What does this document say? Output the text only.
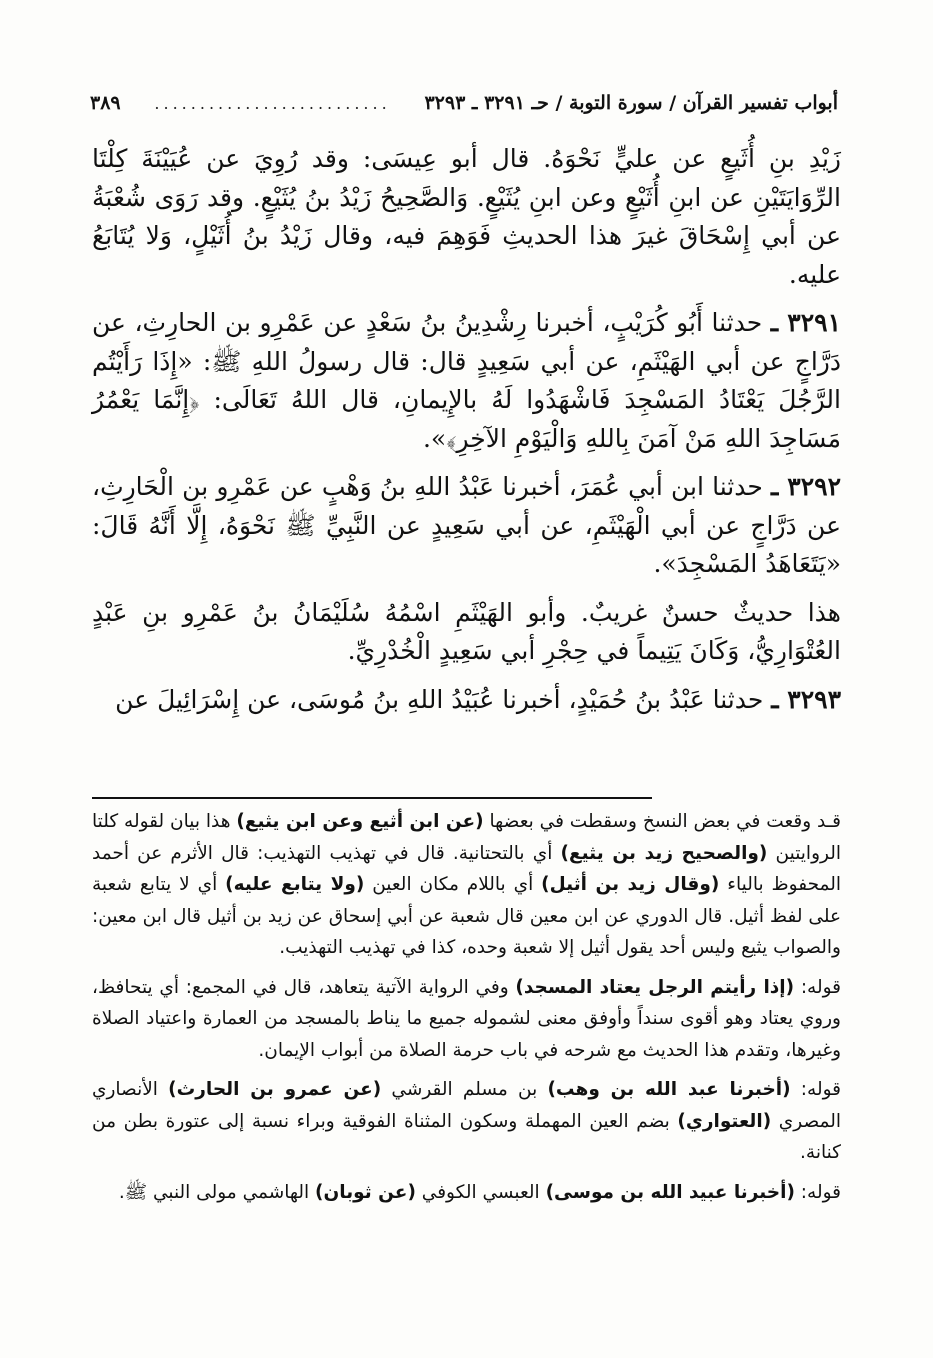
أبواب تفسير القرآن / سورة التوبة / حـ ٣٢٩١ ـ ٣٢٩٣
..........................
٣٨٩

زَيْدِ بنِ أُثَيعٍ عن عليٍّ نَحْوَهُ. قال أبو عِيسَى: وقد رُوِيَ عن عُيَيْنَةَ كِلْتَا الرِّوَايَتَيْنِ عن ابنِ أُثَيْعٍ وعن ابنِ يُثَيْعٍ. وَالصَّحِيحُ زَيْدُ بنُ يُثَيْعٍ. وقد رَوَى شُعْبَةُ عن أبي إِسْحَاقَ غيرَ هذا الحديثِ فَوَهِمَ فيه، وقال زَيْدُ بنُ أُثَيْلٍ، وَلا يُتَابَعُ عليه.

٣٢٩١ ـ حدثنا أَبُو كُرَيْبٍ، أخبرنا رِشْدِينُ بنُ سَعْدٍ عن عَمْرِو بن الحارِثِ، عن دَرَّاجٍ عن أبي الهَيْثَمِ، عن أبي سَعِيدٍ قال: قال رسولُ اللهِ ﷺ: «إِذَا رَأَيْتُم الرَّجُلَ يَعْتَادُ المَسْجِدَ فَاشْهَدُوا لَهُ بالإِيمانِ، قال اللهُ تَعَالَى: ﴿إِنَّمَا يَعْمُرُ مَسَاجِدَ اللهِ مَنْ آمَنَ بِاللهِ وَالْيَوْمِ الآخِرِ﴾».

٣٢٩٢ ـ حدثنا ابن أبي عُمَرَ، أخبرنا عَبْدُ اللهِ بنُ وَهْبٍ عن عَمْرِو بن الْحَارِثِ، عن دَرَّاجٍ عن أبي الْهَيْثَمِ، عن أبي سَعِيدٍ عن النَّبِيِّ ﷺ نَحْوَهُ، إِلَّا أَنَّهُ قَالَ: «يَتَعَاهَدُ المَسْجِدَ».

هذا حديثٌ حسنٌ غريبٌ. وأبو الهَيْثَمِ اسْمُهُ سُلَيْمَانُ بنُ عَمْرِو بنِ عَبْدٍ العُتْوَارِيُّ، وَكَانَ يَتِيماً في حِجْرِ أبي سَعِيدٍ الْخُدْرِيِّ.

٣٢٩٣ ـ حدثنا عَبْدُ بنُ حُمَيْدٍ، أخبرنا عُبَيْدُ اللهِ بنُ مُوسَى، عن إِسْرَائِيلَ عن

قـد وقعت في بعض النسخ وسقطت في بعضها (عن ابن أثيع وعن ابن يثيع) هذا بيان لقوله كلتا الروايتين (والصحيح زيد بن يثيع) أي بالتحتانية. قال في تهذيب التهذيب: قال الأثرم عن أحمد المحفوظ بالياء (وقال زيد بن أثيل) أي باللام مكان العين (ولا يتابع عليه) أي لا يتابع شعبة على لفظ أثيل. قال الدوري عن ابن معين قال شعبة عن أبي إسحاق عن زيد بن أثيل قال ابن معين: والصواب يثيع وليس أحد يقول أثيل إلا شعبة وحده، كذا في تهذيب التهذيب.

قوله: (إذا رأيتم الرجل يعتاد المسجد) وفي الرواية الآتية يتعاهد، قال في المجمع: أي يتحافظ، وروي يعتاد وهو أقوى سنداً وأوفق معنى لشموله جميع ما يناط بالمسجد من العمارة واعتياد الصلاة وغيرها، وتقدم هذا الحديث مع شرحه في باب حرمة الصلاة من أبواب الإيمان.

قوله: (أخبرنا عبد الله بن وهب) بن مسلم القرشي (عن عمرو بن الحارث) الأنصاري المصري (العتواري) بضم العين المهملة وسكون المثناة الفوقية وبراء نسبة إلى عتورة بطن من كنانة.

قوله: (أخبرنا عبيد الله بن موسى) العبسي الكوفي (عن ثوبان) الهاشمي مولى النبي ﷺ.
